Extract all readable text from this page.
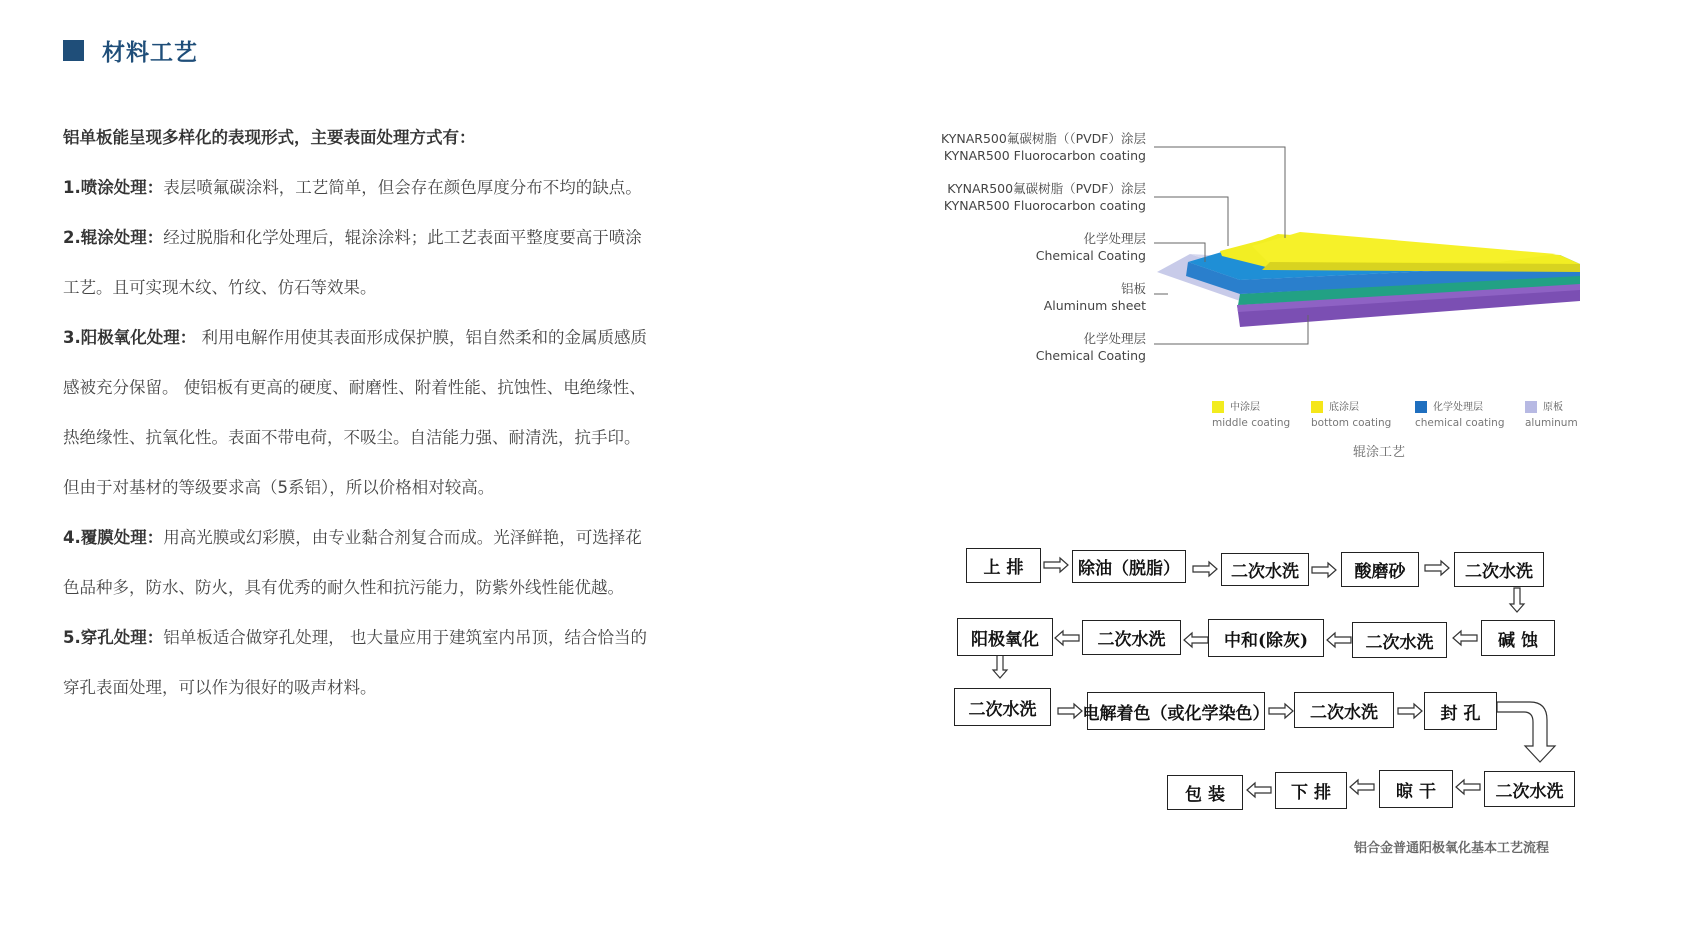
材料工艺

铝单板能呈现多样化的表现形式，主要表面处理方式有：

1.喷涂处理：表层喷氟碳涂料，工艺简单，但会存在颜色厚度分布不均的缺点。

2.辊涂处理：经过脱脂和化学处理后，辊涂涂料；此工艺表面平整度要高于喷涂

工艺。且可实现木纹、竹纹、仿石等效果。

3.阳极氧化处理： 利用电解作用使其表面形成保护膜，铝自然柔和的金属质感质

感被充分保留。 使铝板有更高的硬度、耐磨性、附着性能、抗蚀性、电绝缘性、

热绝缘性、抗氧化性。表面不带电荷，不吸尘。自洁能力强、耐清洗，抗手印。

但由于对基材的等级要求高（5系铝），所以价格相对较高。

4.覆膜处理：用高光膜或幻彩膜，由专业黏合剂复合而成。光泽鲜艳，可选择花

色品种多，防水、防火，具有优秀的耐久性和抗污能力，防紫外线性能优越。

5.穿孔处理：铝单板适合做穿孔处理， 也大量应用于建筑室内吊顶，结合恰当的

穿孔表面处理，可以作为很好的吸声材料。

KYNAR500氟碳树脂（（PVDF）涂层
KYNAR500 Fluorocarbon coating
KYNAR500氟碳树脂（PVDF）涂层
KYNAR500 Fluorocarbon coating
化学处理层
Chemical Coating
铝板
Aluminum sheet
化学处理层
Chemical Coating
中涂层
middle coating
底涂层
bottom coating
化学处理层
chemical coating
原板
aluminum
辊涂工艺
上 排	除油（脱脂）	二次水洗	酸磨砂	二次水洗
碱 蚀
二次水洗
中和(除灰)
二次水洗
阳极氧化
二次水洗	电解着色（或化学染色）	二次水洗	封 孔
二次水洗
晾 干
下 排
包 装
铝合金普通阳极氧化基本工艺流程
